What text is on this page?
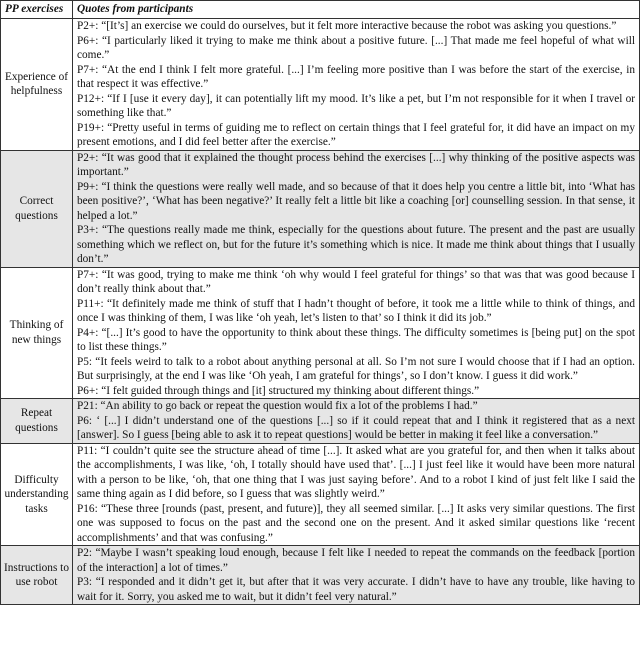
PP exercises	Quotes from participants
Experience of helpfulness	P2+: “[It’s] an exercise we could do ourselves, but it felt more interactive because the robot was asking you questions.”

P6+: “I particularly liked it trying to make me think about a positive future. [...] That made me feel hopeful of what will come.”

P7+: “At the end I think I felt more grateful. [...] I’m feeling more positive than I was before the start of the exercise, in that respect it was effective.”

P12+: “If I [use it every day], it can potentially lift my mood. It’s like a pet, but I’m not responsible for it when I travel or something like that.”

P19+: “Pretty useful in terms of guiding me to reflect on certain things that I feel grateful for, it did have an impact on my present emotions, and I did feel better after the exercise.”

Correct questions	P2+: “It was good that it explained the thought process behind the exercises [...] why thinking of the positive aspects was important.”

P9+: “I think the questions were really well made, and so because of that it does help you centre a little bit, into ‘What has been positive?’, ‘What has been negative?’ It really felt a little bit like a coaching [or] counselling session. In that sense, it helped a lot.”

P3+: “The questions really made me think, especially for the questions about future. The present and the past are usually something which we reflect on, but for the future it’s something which is nice. It made me think about things that I usually don’t.”

Thinking of new things	P7+: “It was good, trying to make me think ‘oh why would I feel grateful for things’ so that was that was good because I don’t really think about that.”

P11+: “It definitely made me think of stuff that I hadn’t thought of before, it took me a little while to think of things, and once I was thinking of them, I was like ‘oh yeah, let’s listen to that’ so I think it did its job.”

P4+: “[...] It’s good to have the opportunity to think about these things. The difficulty sometimes is [being put] on the spot to list these things.”

P5: “It feels weird to talk to a robot about anything personal at all. So I’m not sure I would choose that if I had an option. But surprisingly, at the end I was like ‘Oh yeah, I am grateful for things’, so I don’t know. I guess it did work.”

P6+: “I felt guided through things and [it] structured my thinking about different things.”

Repeat questions	P21: “An ability to go back or repeat the question would fix a lot of the problems I had.”

P6: ‘ [...] I didn’t understand one of the questions [...] so if it could repeat that and I think it registered that as a next [answer]. So I guess [being able to ask it to repeat questions] would be better in making it feel like a conversation.”

Difficulty understanding tasks	P11: “I couldn’t quite see the structure ahead of time [...]. It asked what are you grateful for, and then when it talks about the accomplishments, I was like, ‘oh, I totally should have used that’. [...] I just feel like it would have been more natural with a person to be like, ‘oh, that one thing that I was just saying before’. And to a robot I kind of just felt like I said the same thing again as I did before, so I guess that was slightly weird.”

P16: “These three [rounds (past, present, and future)], they all seemed similar. [...] It asks very similar questions. The first one was supposed to focus on the past and the second one on the present. And it asked similar questions like ‘recent accomplishments’ and that was confusing.”

Instructions to use robot	P2: “Maybe I wasn’t speaking loud enough, because I felt like I needed to repeat the commands on the feedback [portion of the interaction] a lot of times.”

P3: “I responded and it didn’t get it, but after that it was very accurate. I didn’t have to have any trouble, like having to wait for it. Sorry, you asked me to wait, but it didn’t feel very natural.”
